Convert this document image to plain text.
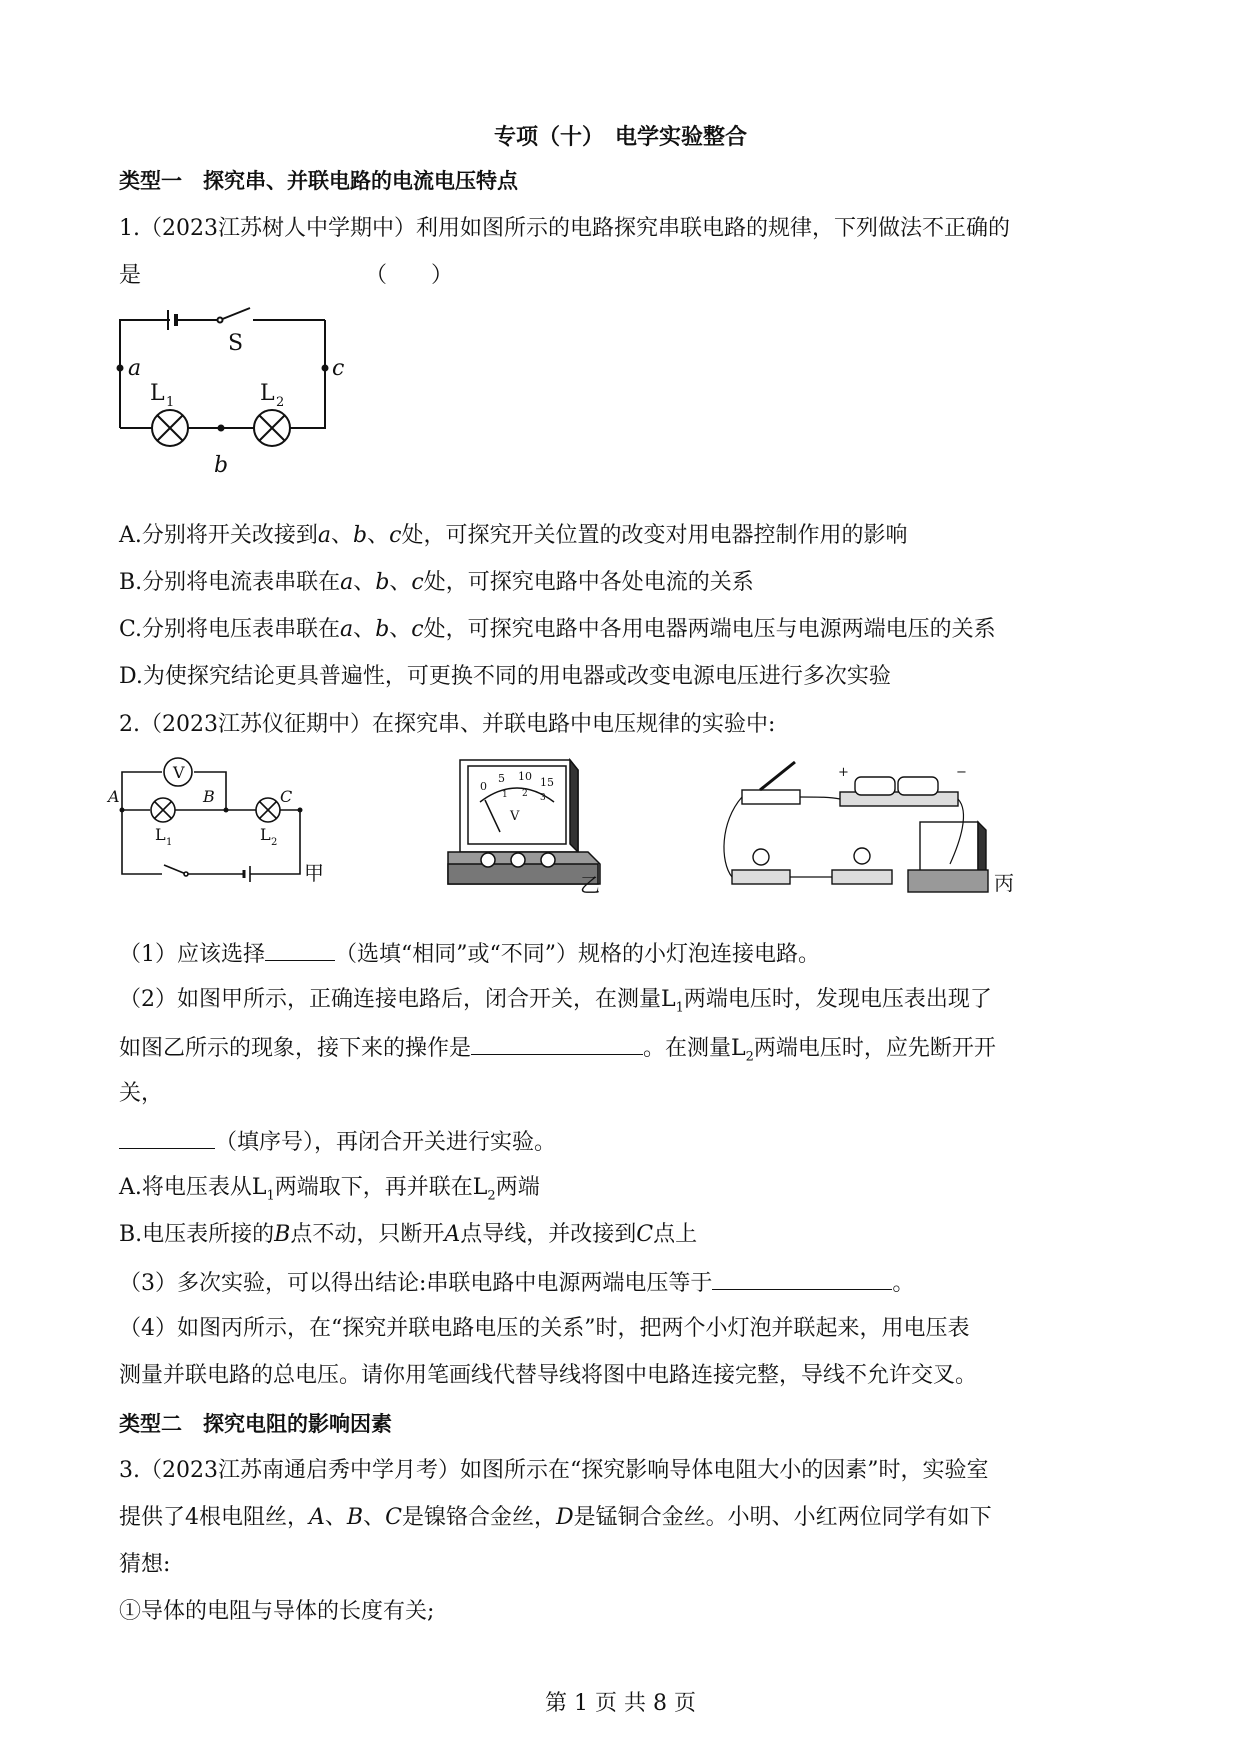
专项（十）　电学实验整合
类型一　探究串、并联电路的电流电压特点
1.（2023江苏树人中学期中）利用如图所示的电路探究串联电路的规律，下列做法不正确的
是	（　　）
S
a
b
c
L 1	L 2
A.分别将开关改接到a、b、c处，可探究开关位置的改变对用电器控制作用的影响
B.分别将电流表串联在a、b、c处，可探究电路中各处电流的关系
C.分别将电压表串联在a、b、c处，可探究电路中各用电器两端电压与电源两端电压的关系
D.为使探究结论更具普遍性，可更换不同的用电器或改变电源电压进行多次实验
2.（2023江苏仪征期中）在探究串、并联电路中电压规律的实验中:
V
A	B	C
L 1	L 2
甲
0
5 10 15
1 2 3
V
乙
+	−
丙
（1）应该选择	（选填“相同”或“不同”）规格的小灯泡连接电路。
（2）如图甲所示，正确连接电路后，闭合开关，在测量$L_1$两端电压时，发现电压表出现了
如图乙所示的现象，接下来的操作是	。在测量$L_2$两端电压时，应先断开开
关，
（填序号），再闭合开关进行实验。
A.将电压表从$L_1$两端取下，再并联在$L_2$两端
B.电压表所接的B点不动，只断开A点导线，并改接到C点上
（3）多次实验，可以得出结论:串联电路中电源两端电压等于	。
（4）如图丙所示，在“探究并联电路电压的关系”时，把两个小灯泡并联起来，用电压表
测量并联电路的总电压。请你用笔画线代替导线将图中电路连接完整，导线不允许交叉。
类型二　探究电阻的影响因素
3.（2023江苏南通启秀中学月考）如图所示在“探究影响导体电阻大小的因素”时，实验室
提供了4根电阻丝，A、B、C是镍铬合金丝，D是锰铜合金丝。小明、小红两位同学有如下
猜想:
①导体的电阻与导体的长度有关;
第 1 页 共 8 页
